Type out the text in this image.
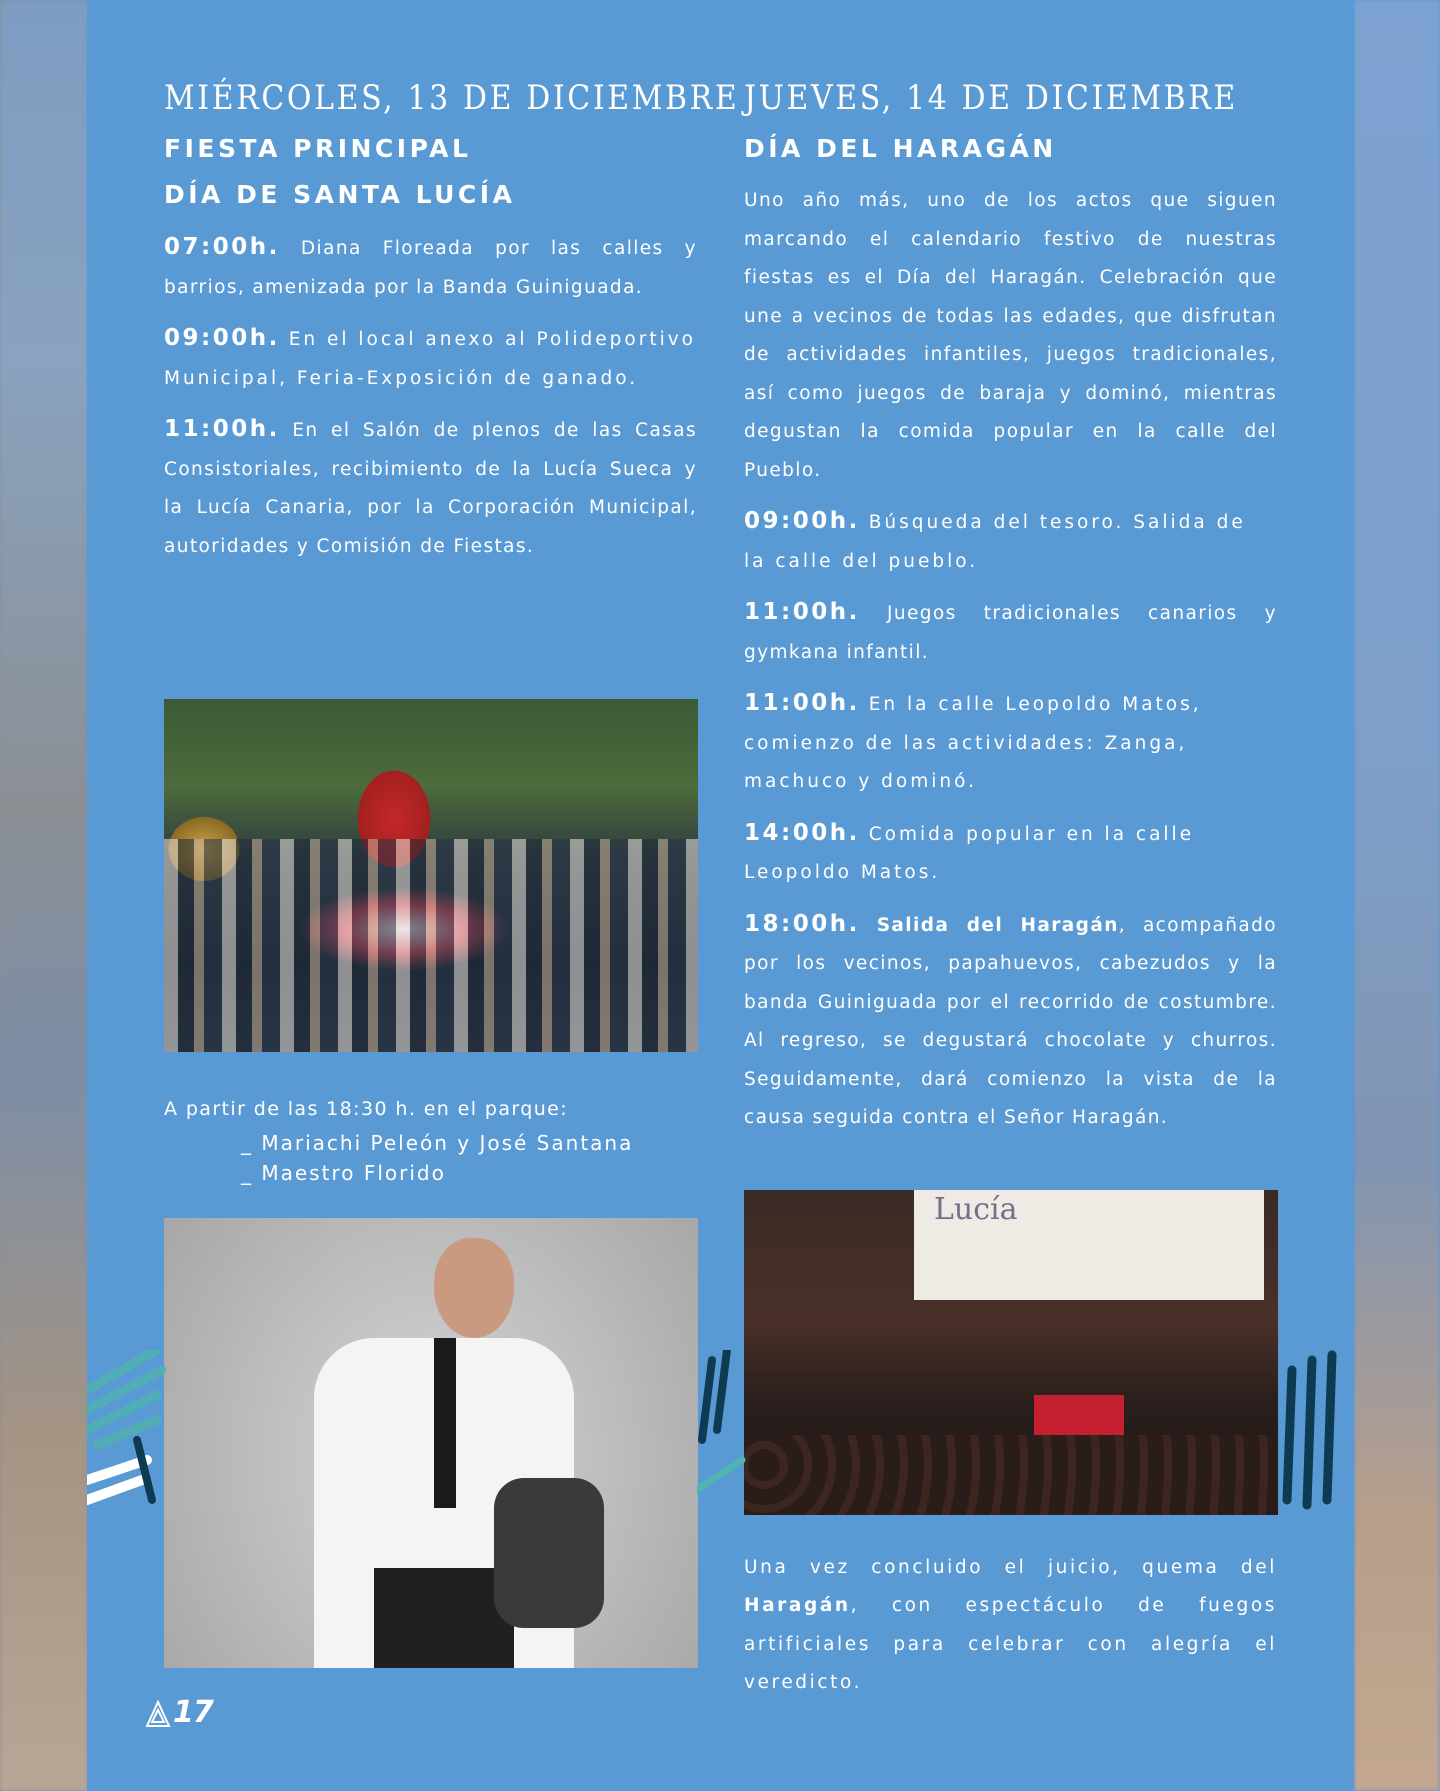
MIÉRCOLES, 13 DE DICIEMBRE
FIESTA PRINCIPAL
DÍA DE SANTA LUCÍA

07:00h. Diana Floreada por las calles y barrios, amenizada por la Banda Guiniguada.

09:00h. En el local anexo al Polideportivo Municipal, Feria-Exposición de ganado.

11:00h. En el Salón de plenos de las Casas Consistoriales, recibimiento de la Lucía Sueca y la Lucía Canaria, por la Corporación Municipal, autoridades y Comisión de Fiestas.

A partir de las 18:30 h. en el parque:
_ Mariachi Peleón y José Santana
_ Maestro Florido
JUEVES, 14 DE DICIEMBRE
DÍA DEL HARAGÁN

Uno año más, uno de los actos que siguen marcando el calendario festivo de nuestras fiestas es el Día del Haragán. Celebración que une a vecinos de todas las edades, que disfrutan de actividades infantiles, juegos tradicionales, así como juegos de baraja y dominó, mientras degustan la comida popular en la calle del Pueblo.

09:00h. Búsqueda del tesoro. Salida de la calle del pueblo.

11:00h. Juegos tradicionales canarios y gymkana infantil.

11:00h. En la calle Leopoldo Matos, comienzo de las actividades: Zanga, machuco y dominó.

14:00h. Comida popular en la calle Leopoldo Matos.

18:00h. Salida del Haragán, acompañado por los vecinos, papahuevos, cabezudos y la banda Guiniguada por el recorrido de costumbre. Al regreso, se degustará chocolate y churros. Seguidamente, dará comienzo la vista de la causa seguida contra el Señor Haragán.

Lucía

Una vez concluido el juicio, quema del Haragán, con espectáculo de fuegos artificiales para celebrar con alegría el veredicto.

17
